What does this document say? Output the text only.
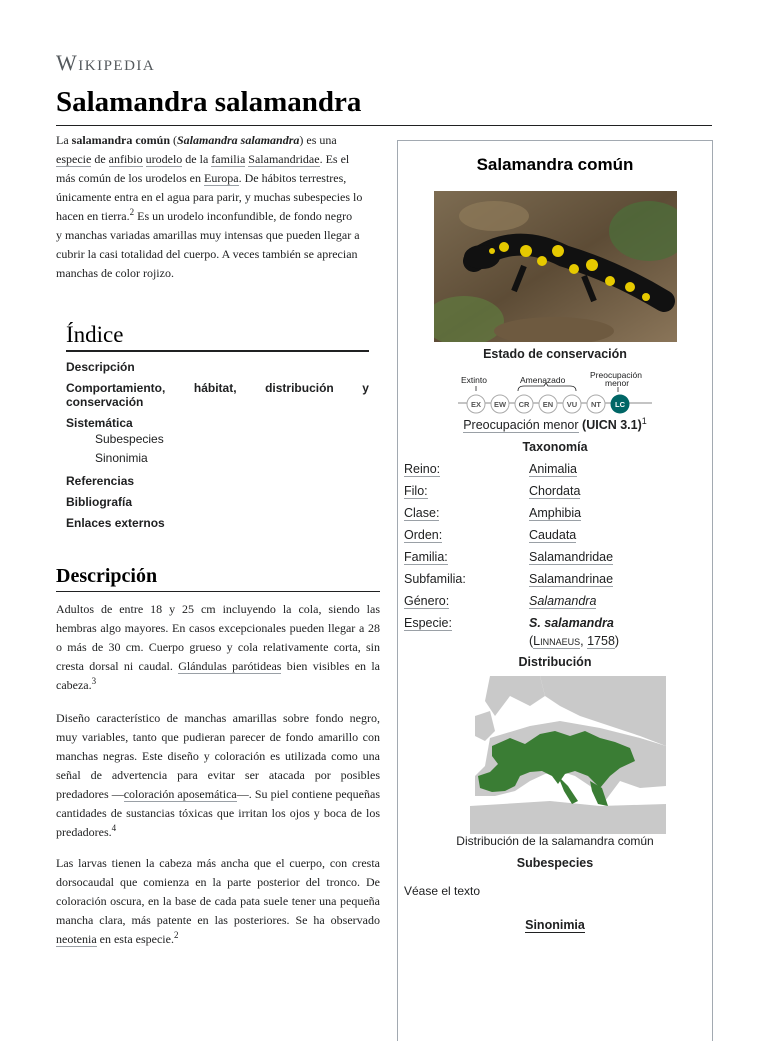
Wikipedia
Salamandra salamandra
La salamandra común (Salamandra salamandra) es una
especie de anfibio urodelo de la familia Salamandridae. Es el
más común de los urodelos en Europa. De hábitos terrestres,
únicamente entra en el agua para parir, y muchas subespecies lo
hacen en tierra.$^2$ Es un urodelo inconfundible, de fondo negro
y manchas variadas amarillas muy intensas que pueden llegar a
cubrir la casi totalidad del cuerpo. A veces también se aprecian
manchas de color rojizo.
Índice
Descripción
Comportamiento, hábitat, distribución y
conservación
Sistemática
Subespecies
Sinonimia
Referencias
Bibliografía
Enlaces externos
Descripción
Adultos de entre 18 y 25 cm incluyendo la cola, siendo las hembras algo mayores. En casos excepcionales pueden llegar a 28 o más de 30 cm. Cuerpo grueso y cola relativamente corta, sin cresta dorsal ni caudal. Glándulas parótideas bien visibles en la cabeza.$^3$
Diseño característico de manchas amarillas sobre fondo negro, muy variables, tanto que pudieran parecer de fondo amarillo con manchas negras. Este diseño y coloración es utilizada como una señal de advertencia para evitar ser atacada por posibles predadores —coloración aposemática—. Su piel contiene pequeñas cantidades de sustancias tóxicas que irritan los ojos y boca de los predadores.$^4$
Las larvas tienen la cabeza más ancha que el cuerpo, con cresta dorsocaudal que comienza en la parte posterior del tronco. De coloración oscura, en la base de cada pata suele tener una pequeña mancha clara, más patente en las posteriores. Se ha observado neotenia en esta especie.$^2$
Salamandra común
Estado de conservación
Extinto	Amenazado	Preocupación
menor
EX EW CR EN VU NT LC
Preocupación menor (UICN 3.1)$^1$
Taxonomía
Reino:	Animalia
Filo:	Chordata
Clase:	Amphibia
Orden:	Caudata
Familia:	Salamandridae
Subfamilia:	Salamandrinae
Género:	Salamandra
Especie:	S. salamandra
(Linnaeus, 1758)
Distribución
Distribución de la salamandra común
Subespecies
Véase el texto
Sinonimia
